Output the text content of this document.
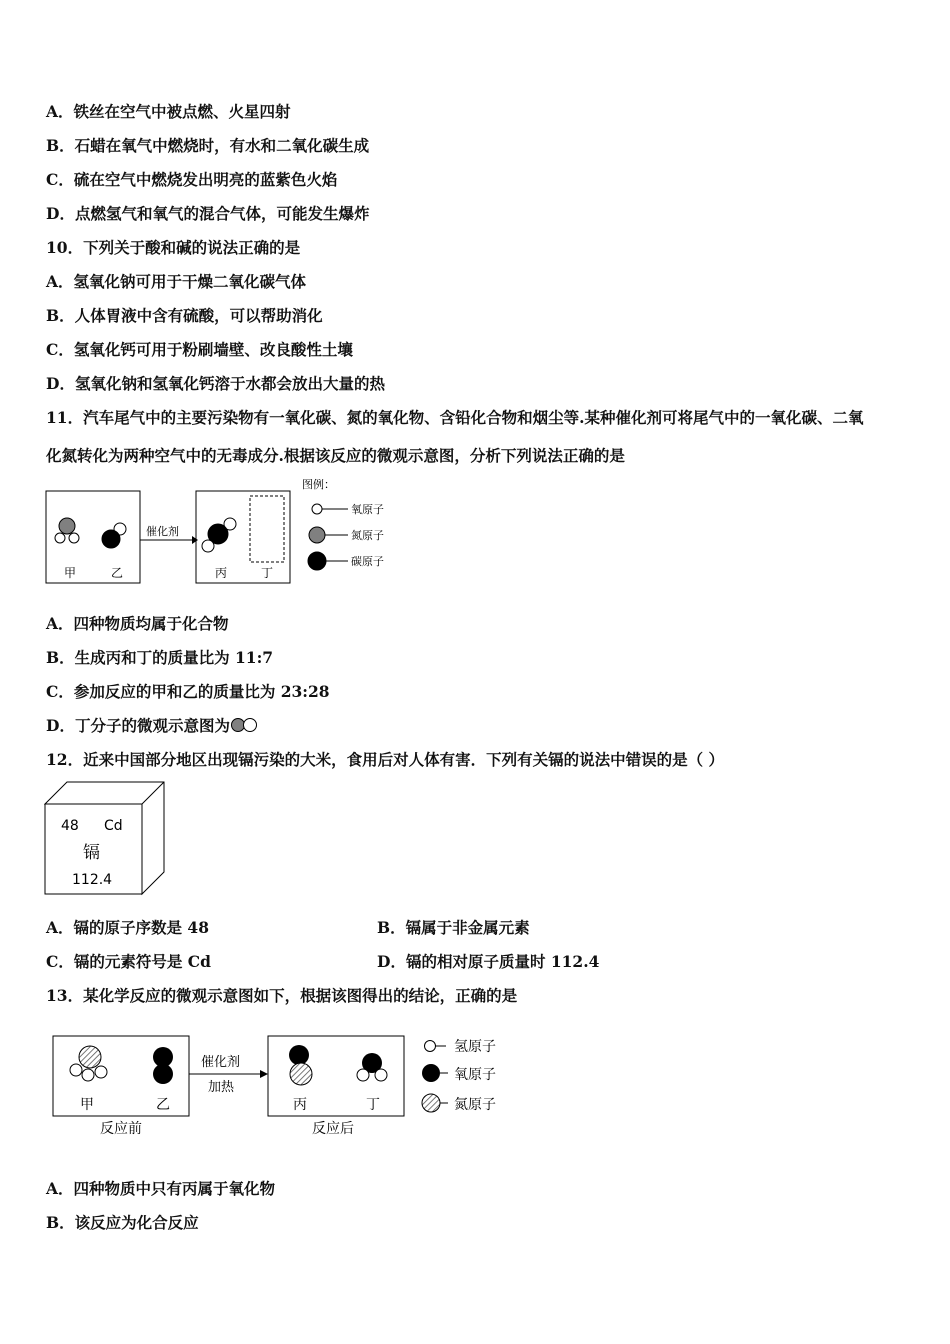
A．铁丝在空气中被点燃、火星四射
B．石蜡在氧气中燃烧时，有水和二氧化碳生成
C．硫在空气中燃烧发出明亮的蓝紫色火焰
D．点燃氢气和氧气的混合气体，可能发生爆炸
10．下列关于酸和碱的说法正确的是
A．氢氧化钠可用于干燥二氧化碳气体
B．人体胃液中含有硫酸，可以帮助消化
C．氢氧化钙可用于粉刷墙壁、改良酸性土壤
D．氢氧化钠和氢氧化钙溶于水都会放出大量的热
11．汽车尾气中的主要污染物有一氧化碳、氮的氧化物、含铅化合物和烟尘等.某种催化剂可将尾气中的一氧化碳、二氧
化氮转化为两种空气中的无毒成分.根据该反应的微观示意图，分析下列说法正确的是
甲	乙
催化剂
丙	丁
图例：
氧原子
氮原子
碳原子
A．四种物质均属于化合物
B．生成丙和丁的质量比为 11:7
C．参加反应的甲和乙的质量比为 23:28
D．丁分子的微观示意图为
12．近来中国部分地区出现镉污染的大米，食用后对人体有害．下列有关镉的说法中错误的是（ ）
48 Cd
镉
112.4
A．镉的原子序数是 48	B．镉属于非金属元素
C．镉的元素符号是 Cd	D．镉的相对原子质量时 112.4
13．某化学反应的微观示意图如下，根据该图得出的结论，正确的是
甲	乙
反应前
催化剂
加热
丙	丁
反应后
氢原子
氧原子
氮原子
A．四种物质中只有丙属于氧化物
B．该反应为化合反应
